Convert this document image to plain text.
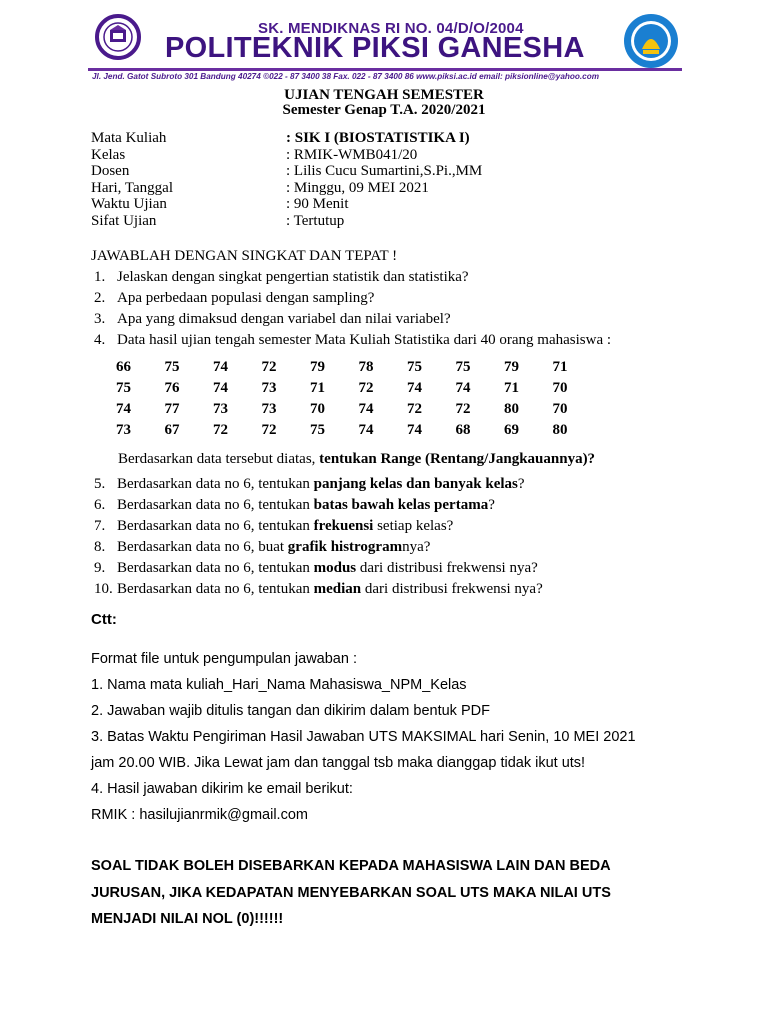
SK. MENDIKNAS RI NO. 04/D/O/2004
POLITEKNIK PIKSI GANESHA
Jl. Jend. Gatot Subroto 301 Bandung 40274 ©022 - 87 3400 38 Fax. 022 - 87 3400 86 www.piksi.ac.id email: piksionline@yahoo.com
UJIAN TENGAH SEMESTER
Semester Genap T.A. 2020/2021
Mata Kuliah	: SIK I (BIOSTATISTIKA I)
Kelas	: RMIK-WMB041/20
Dosen	: Lilis Cucu Sumartini,S.Pi.,MM
Hari, Tanggal	: Minggu, 09 MEI 2021
Waktu Ujian	: 90 Menit
Sifat Ujian	: Tertutup
JAWABLAH DENGAN SINGKAT DAN TEPAT !
1. Jelaskan dengan singkat pengertian statistik dan statistika?
2. Apa perbedaan populasi dengan sampling?
3. Apa yang dimaksud dengan variabel dan nilai variabel?
4. Data hasil ujian tengah semester Mata Kuliah Statistika dari 40 orang mahasiswa :
66	75	74	72	79	78	75	75	79	71
75	76	74	73	71	72	74	74	71	70
74	77	73	73	70	74	72	72	80	70
73	67	72	72	75	74	74	68	69	80
Berdasarkan data tersebut diatas, tentukan Range (Rentang/Jangkauannya)?
5. Berdasarkan data no 6, tentukan panjang kelas dan banyak kelas?
6. Berdasarkan data no 6, tentukan batas bawah kelas pertama?
7. Berdasarkan data no 6, tentukan frekuensi setiap kelas?
8. Berdasarkan data no 6, buat grafik histrogramnya?
9. Berdasarkan data no 6, tentukan modus dari distribusi frekwensi nya?
10. Berdasarkan data no 6, tentukan median dari distribusi frekwensi nya?
Ctt:
Format file untuk pengumpulan jawaban :
1. Nama mata kuliah_Hari_Nama Mahasiswa_NPM_Kelas
2. Jawaban wajib ditulis tangan dan dikirim dalam bentuk PDF
3. Batas Waktu Pengiriman Hasil Jawaban UTS MAKSIMAL hari Senin, 10 MEI 2021
jam 20.00 WIB. Jika Lewat jam dan tanggal tsb maka dianggap tidak ikut uts!
4. Hasil jawaban dikirim ke email berikut:
RMIK : hasilujianrmik@gmail.com
SOAL TIDAK BOLEH DISEBARKAN KEPADA MAHASISWA LAIN DAN BEDA
JURUSAN, JIKA KEDAPATAN MENYEBARKAN SOAL UTS MAKA NILAI UTS
MENJADI NILAI NOL (0)!!!!!!
